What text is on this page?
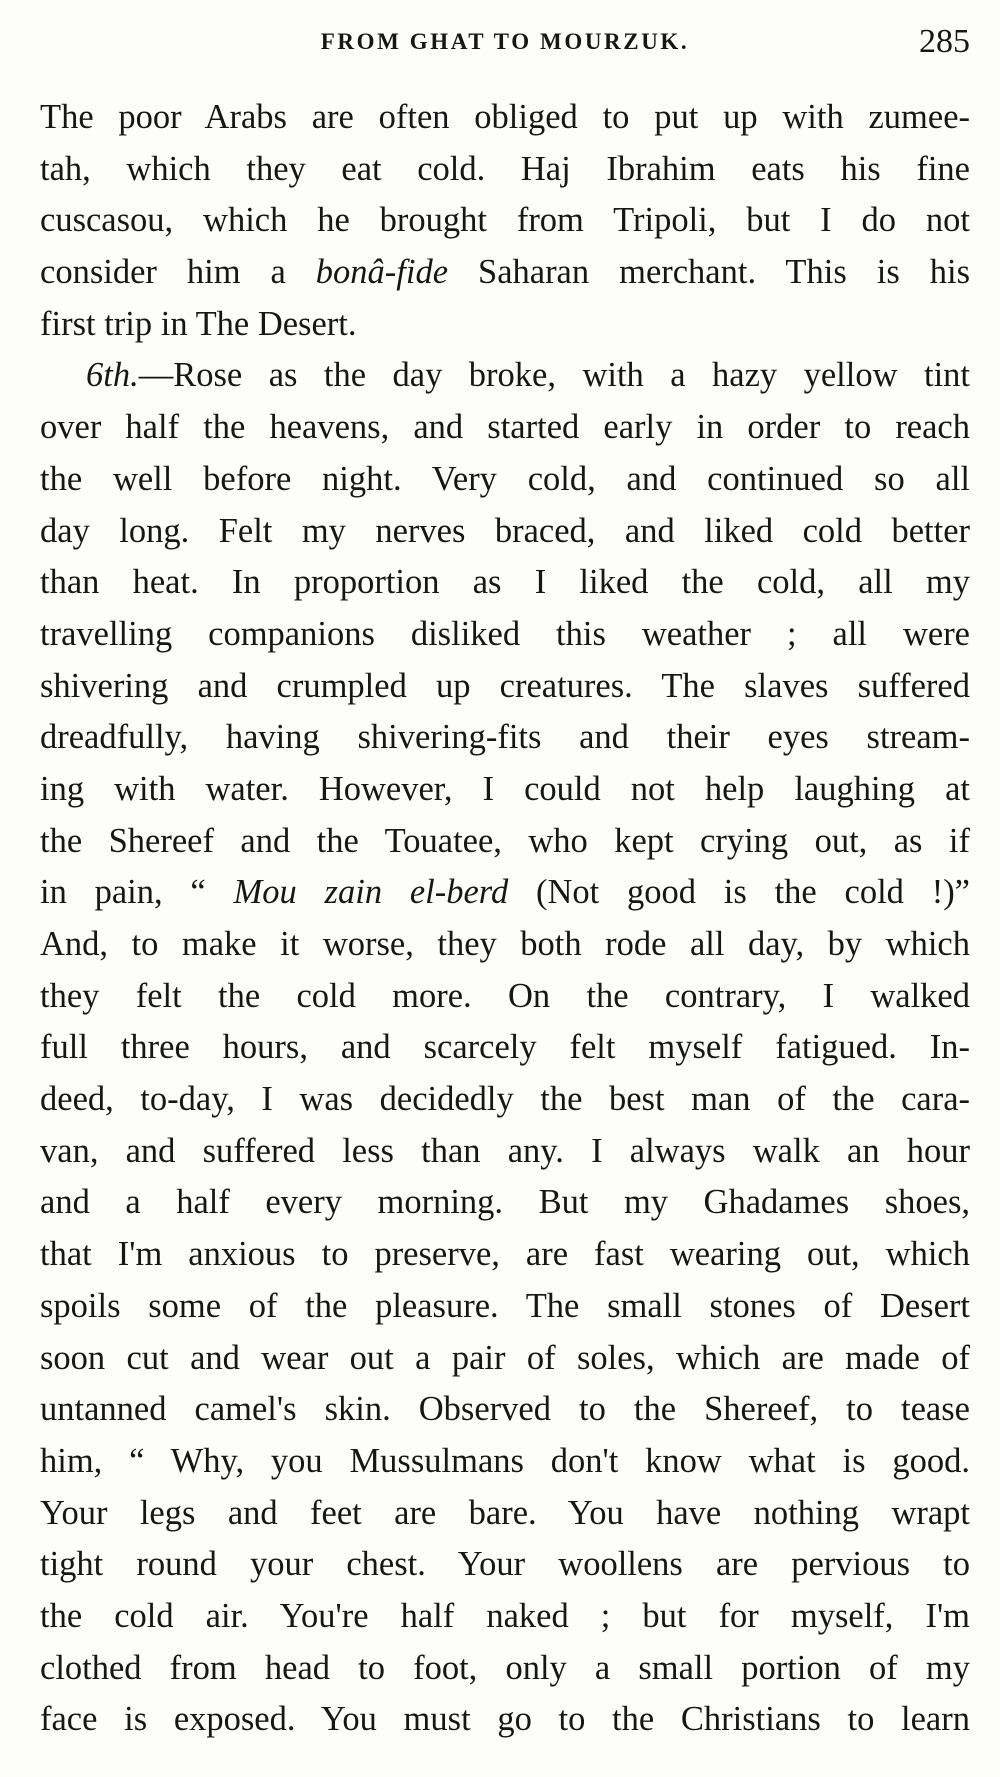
FROM GHAT TO MOURZUK.	285
The poor Arabs are often obliged to put up with zumee-
tah, which they eat cold. Haj Ibrahim eats his fine
cuscasou, which he brought from Tripoli, but I do not
consider him a bonâ-fide Saharan merchant. This is his
first trip in The Desert.
6th.—Rose as the day broke, with a hazy yellow tint
over half the heavens, and started early in order to reach
the well before night. Very cold, and continued so all
day long. Felt my nerves braced, and liked cold better
than heat. In proportion as I liked the cold, all my
travelling companions disliked this weather ; all were
shivering and crumpled up creatures. The slaves suffered
dreadfully, having shivering-fits and their eyes stream-
ing with water. However, I could not help laughing at
the Shereef and the Touatee, who kept crying out, as if
in pain, “ Mou zain el-berd (Not good is the cold !)”
And, to make it worse, they both rode all day, by which
they felt the cold more. On the contrary, I walked
full three hours, and scarcely felt myself fatigued. In-
deed, to-day, I was decidedly the best man of the cara-
van, and suffered less than any. I always walk an hour
and a half every morning. But my Ghadames shoes,
that I'm anxious to preserve, are fast wearing out, which
spoils some of the pleasure. The small stones of Desert
soon cut and wear out a pair of soles, which are made of
untanned camel's skin. Observed to the Shereef, to tease
him, “ Why, you Mussulmans don't know what is good.
Your legs and feet are bare. You have nothing wrapt
tight round your chest. Your woollens are pervious to
the cold air. You're half naked ; but for myself, I'm
clothed from head to foot, only a small portion of my
face is exposed. You must go to the Christians to learn
